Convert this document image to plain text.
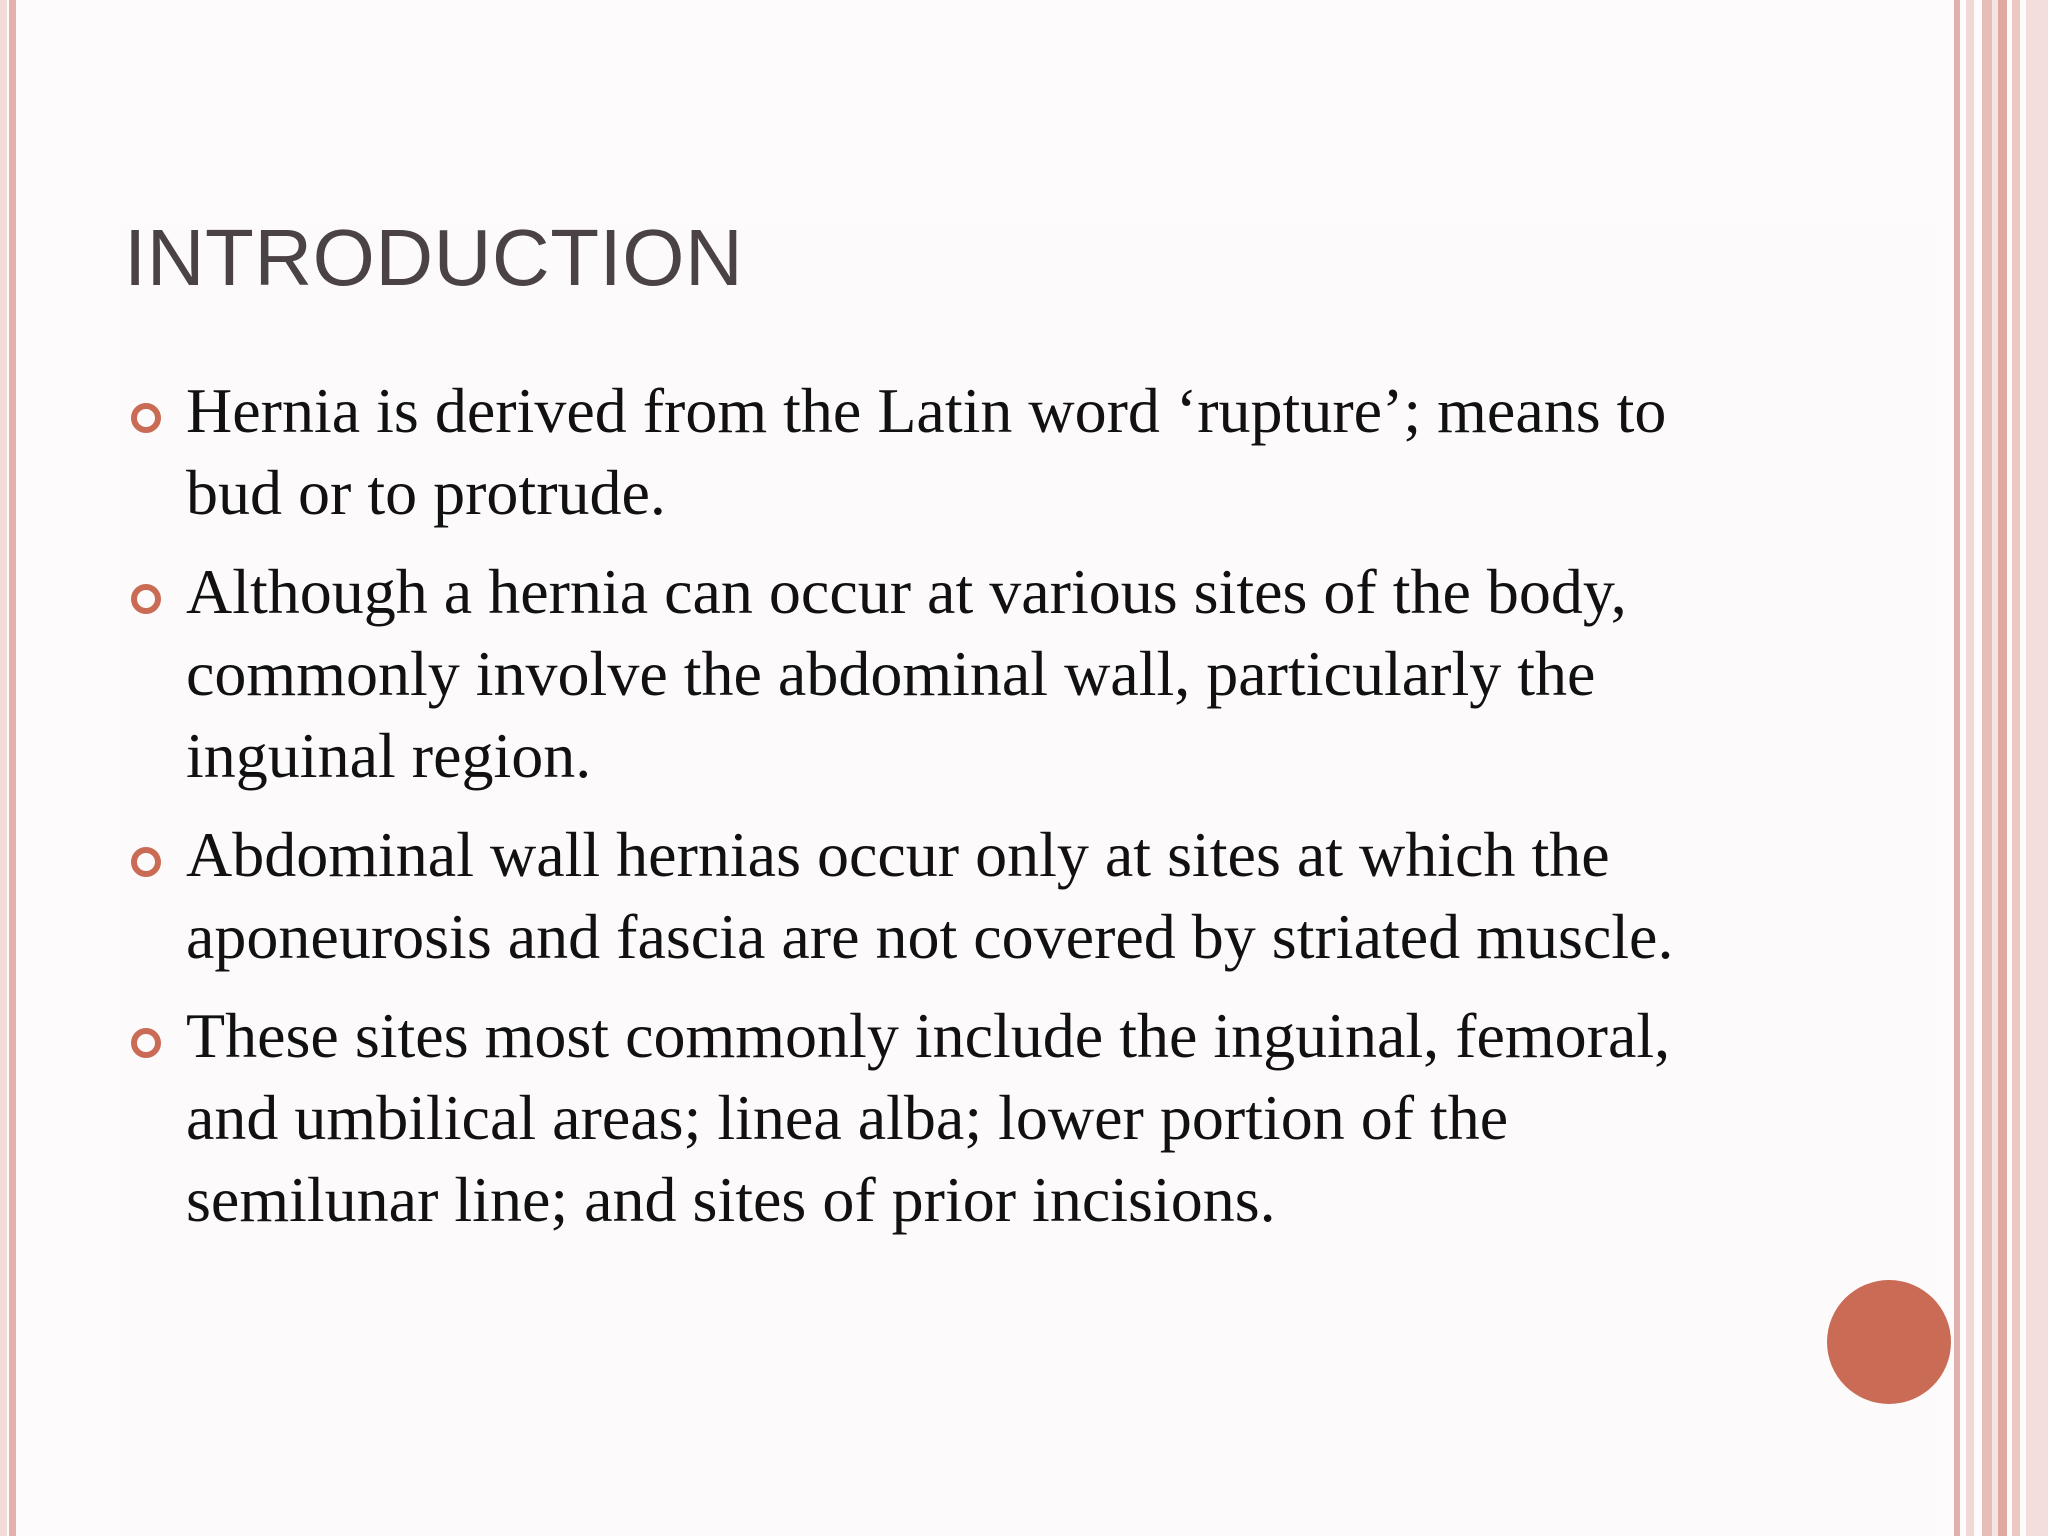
INTRODUCTION
Hernia is derived from the Latin word ‘rupture’; means to bud or to protrude.
Although a hernia can occur at various sites of the body, commonly involve the abdominal wall, particularly the inguinal region.
Abdominal wall hernias occur only at sites at which the aponeurosis and fascia are not covered by striated muscle.
These sites most commonly include the inguinal, femoral, and umbilical areas; linea alba; lower portion of the semilunar line; and sites of prior incisions.
